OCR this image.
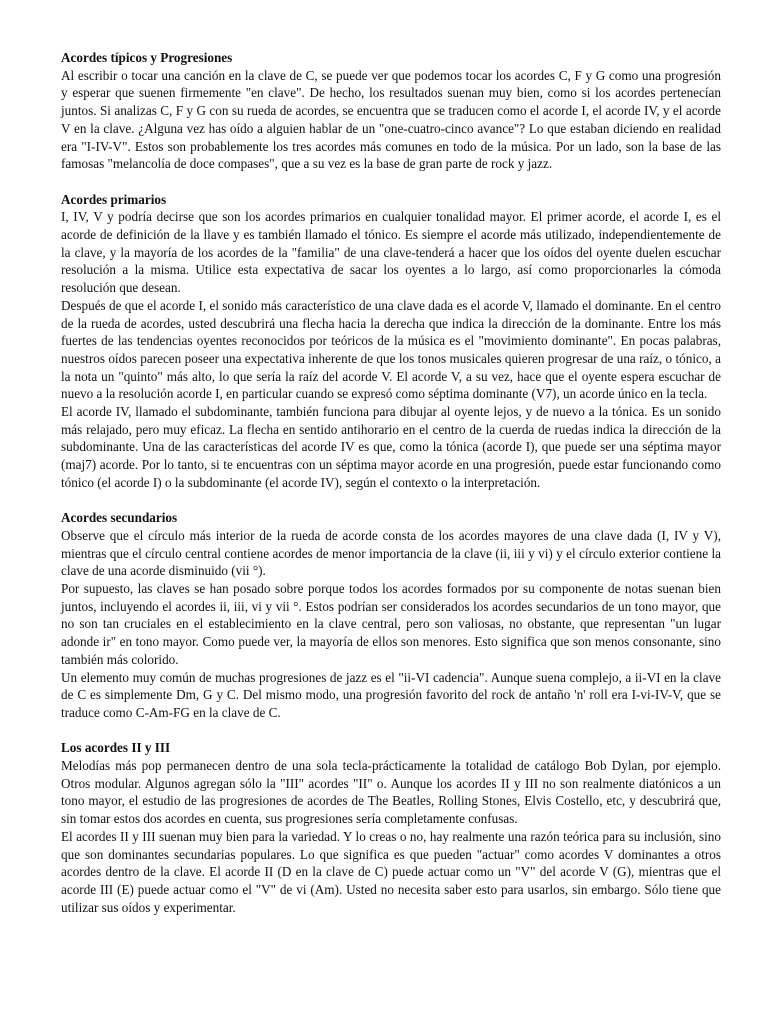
Acordes típicos y Progresiones

Al escribir o tocar una canción en la clave de C, se puede ver que podemos tocar los acordes C, F y G como una progresión y esperar que suenen firmemente "en clave". De hecho, los resultados suenan muy bien, como si los acordes pertenecían juntos. Si analizas C, F y G con su rueda de acordes, se encuentra que se traducen como el acorde I, el acorde IV, y el acorde V en la clave. ¿Alguna vez has oído a alguien hablar de un "one-cuatro-cinco avance"? Lo que estaban diciendo en realidad era "I-IV-V". Estos son probablemente los tres acordes más comunes en todo de la música. Por un lado, son la base de las famosas "melancolía de doce compases", que a su vez es la base de gran parte de rock y jazz.

Acordes primarios

I, IV, V y podría decirse que son los acordes primarios en cualquier tonalidad mayor. El primer acorde, el acorde I, es el acorde de definición de la llave y es también llamado el tónico. Es siempre el acorde más utilizado, independientemente de la clave, y la mayoría de los acordes de la "familia" de una clave-tenderá a hacer que los oídos del oyente duelen escuchar resolución a la misma. Utilice esta expectativa de sacar los oyentes a lo largo, así como proporcionarles la cómoda resolución que desean.

Después de que el acorde I, el sonido más característico de una clave dada es el acorde V, llamado el dominante. En el centro de la rueda de acordes, usted descubrirá una flecha hacia la derecha que indica la dirección de la dominante. Entre los más fuertes de las tendencias oyentes reconocidos por teóricos de la música es el "movimiento dominante". En pocas palabras, nuestros oídos parecen poseer una expectativa inherente de que los tonos musicales quieren progresar de una raíz, o tónico, a la nota un "quinto" más alto, lo que sería la raíz del acorde V. El acorde V, a su vez, hace que el oyente espera escuchar de nuevo a la resolución acorde I, en particular cuando se expresó como séptima dominante (V7), un acorde único en la tecla.

El acorde IV, llamado el subdominante, también funciona para dibujar al oyente lejos, y de nuevo a la tónica. Es un sonido más relajado, pero muy eficaz. La flecha en sentido antihorario en el centro de la cuerda de ruedas indica la dirección de la subdominante. Una de las características del acorde IV es que, como la tónica (acorde I), que puede ser una séptima mayor (maj7) acorde. Por lo tanto, si te encuentras con un séptima mayor acorde en una progresión, puede estar funcionando como tónico (el acorde I) o la subdominante (el acorde IV), según el contexto o la interpretación.

Acordes secundarios

Observe que el círculo más interior de la rueda de acorde consta de los acordes mayores de una clave dada (I, IV y V), mientras que el círculo central contiene acordes de menor importancia de la clave (ii, iii y vi) y el círculo exterior contiene la clave de una acorde disminuido (vii °).

Por supuesto, las claves se han posado sobre porque todos los acordes formados por su componente de notas suenan bien juntos, incluyendo el acordes ii, iii, vi y vii °. Estos podrían ser considerados los acordes secundarios de un tono mayor, que no son tan cruciales en el establecimiento en la clave central, pero son valiosas, no obstante, que representan "un lugar adonde ir" en tono mayor. Como puede ver, la mayoría de ellos son menores. Esto significa que son menos consonante, sino también más colorido.

Un elemento muy común de muchas progresiones de jazz es el "ii-VI cadencia". Aunque suena complejo, a ii-VI en la clave de C es simplemente Dm, G y C. Del mismo modo, una progresión favorito del rock de antaño 'n' roll era I-vi-IV-V, que se traduce como C-Am-FG en la clave de C.

Los acordes II y III

Melodías más pop permanecen dentro de una sola tecla-prácticamente la totalidad de catálogo Bob Dylan, por ejemplo. Otros modular. Algunos agregan sólo la "III" acordes "II" o. Aunque los acordes II y III no son realmente diatónicos a un tono mayor, el estudio de las progresiones de acordes de The Beatles, Rolling Stones, Elvis Costello, etc, y descubrirá que, sin tomar estos dos acordes en cuenta, sus progresiones sería completamente confusas.

El acordes II y III suenan muy bien para la variedad. Y lo creas o no, hay realmente una razón teórica para su inclusión, sino que son dominantes secundarias populares. Lo que significa es que pueden "actuar" como acordes V dominantes a otros acordes dentro de la clave. El acorde II (D en la clave de C) puede actuar como un "V" del acorde V (G), mientras que el acorde III (E) puede actuar como el "V" de vi (Am). Usted no necesita saber esto para usarlos, sin embargo. Sólo tiene que utilizar sus oídos y experimentar.
